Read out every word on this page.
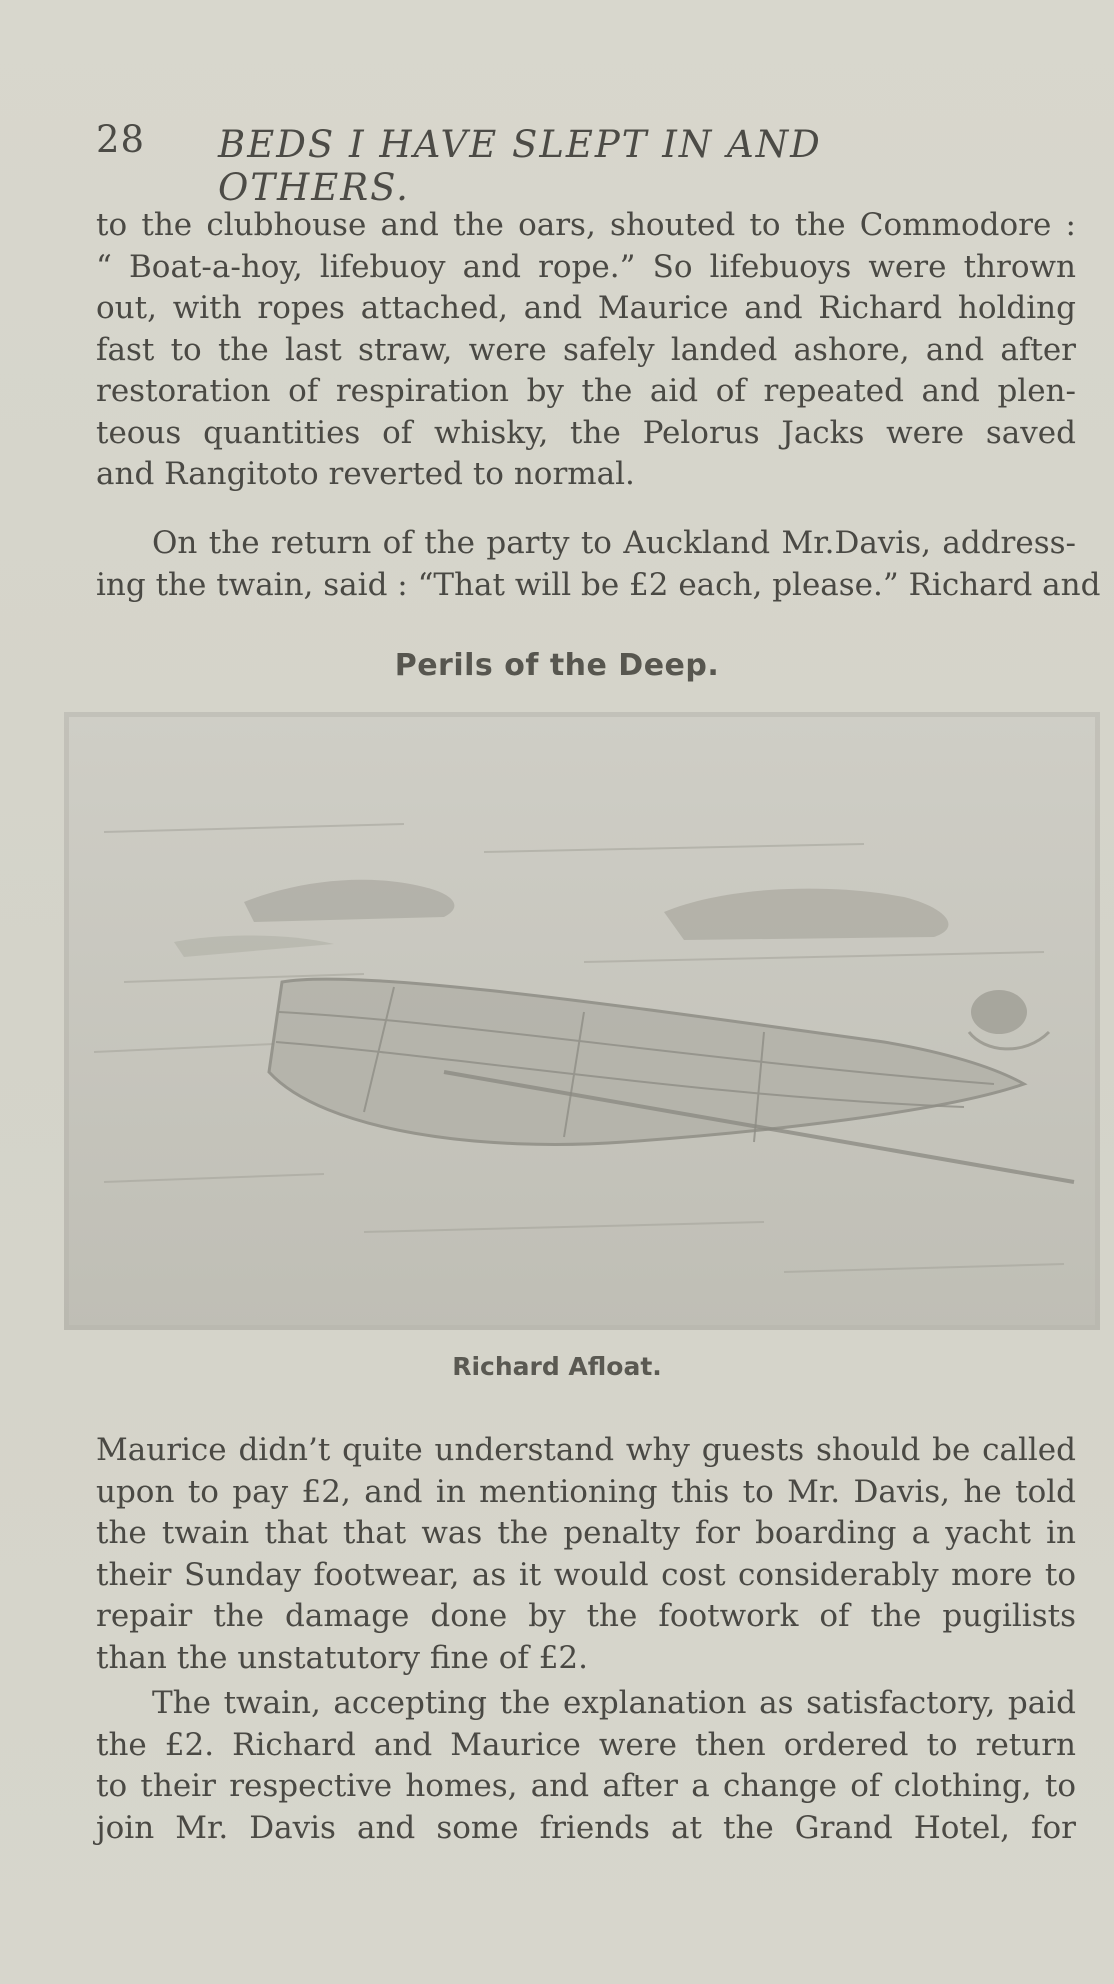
28 BEDS I HAVE SLEPT IN AND OTHERS.
to the clubhouse and the oars, shouted to the Commodore :
“ Boat-a-hoy, lifebuoy and rope.” So lifebuoys were thrown
out, with ropes attached, and Maurice and Richard holding
fast to the last straw, were safely landed ashore, and after
restoration of respiration by the aid of repeated and plen-
teous quantities of whisky, the Pelorus Jacks were saved
and Rangitoto reverted to normal.
On the return of the party to Auckland Mr.Davis, address-
ing the twain, said : “That will be £2 each, please.” Richard and
Perils of the Deep.
Richard Afloat.
Maurice didn’t quite understand why guests should be called
upon to pay £2, and in mentioning this to Mr. Davis, he told
the twain that that was the penalty for boarding a yacht in
their Sunday footwear, as it would cost considerably more to
repair the damage done by the footwork of the pugilists
than the unstatutory fine of £2.
The twain, accepting the explanation as satisfactory, paid
the £2. Richard and Maurice were then ordered to return
to their respective homes, and after a change of clothing, to
join Mr. Davis and some friends at the Grand Hotel, for
